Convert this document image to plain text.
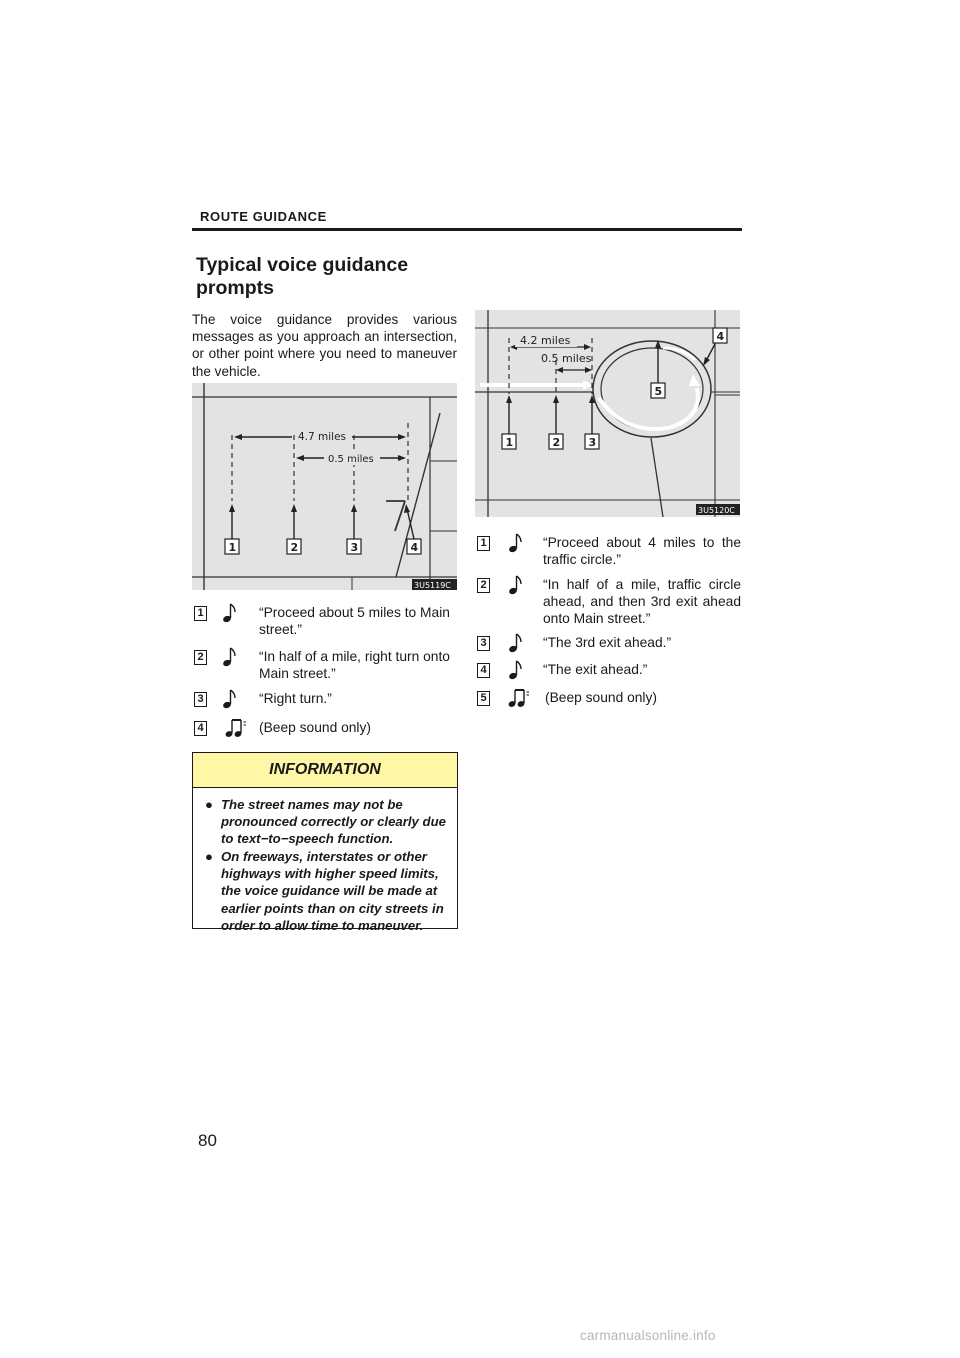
ROUTE GUIDANCE
Typical voice guidance
prompts
The voice guidance provides various messages as you approach an intersection, or other point where you need to maneuver the vehicle.
4.7 miles
0.5 miles
1	2	3	4
3U5119C
1	“Proceed about 5 miles to Main street.”
2	“In half of a mile, right turn onto Main street.”
3	“Right turn.”
4	(Beep sound only)
INFORMATION
● The street names may not be pronounced correctly or clearly due to text−to−speech function.
● On freeways, interstates or other highways with higher speed limits, the voice guidance will be made at earlier points than on city streets in order to allow time to maneuver.
4.2 miles
0.5 miles
1	2	3
4
5
3U5120C
1	“Proceed about 4 miles to the traffic circle.”
2	“In half of a mile, traffic circle ahead, and then 3rd exit ahead onto Main street.”
3	“The 3rd exit ahead.”
4	“The exit ahead.”
5	(Beep sound only)
80
carmanualsonline.info
